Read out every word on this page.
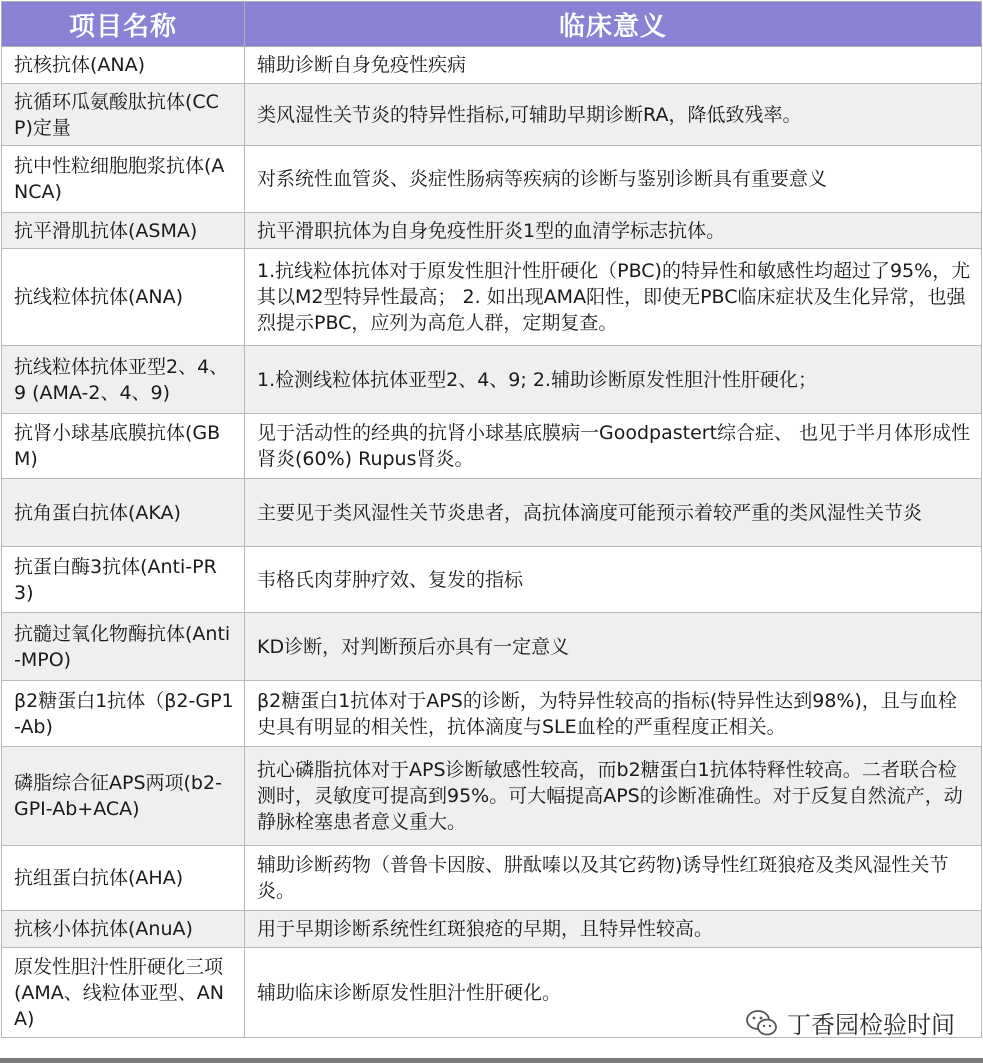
项目名称	临床意义
抗核抗体(ANA)	辅助诊断自身免疫性疾病
抗循环瓜氨酸肽抗体(CCP)定量	类风湿性关节炎的特异性指标,可辅助早期诊断RA，降低致残率。
抗中性粒细胞胞浆抗体(ANCA)	对系统性血管炎、炎症性肠病等疾病的诊断与鉴别诊断具有重要意义
抗平滑肌抗体(ASMA)	抗平滑职抗体为自身免疫性肝炎1型的血清学标志抗体。
抗线粒体抗体(ANA)	1.抗线粒体抗体对于原发性胆汁性肝硬化（PBC)的特异性和敏感性均超过了95%，尤其以M2型特异性最高； 2. 如出现AMA阳性，即使无PBC临床症状及生化异常，也强烈提示PBC，应列为高危人群，定期复查。
抗线粒体抗体亚型2、4、9 (AMA-2、4、9)	1.检测线粒体抗体亚型2、4、9; 2.辅助诊断原发性胆汁性肝硬化；
抗肾小球基底膜抗体(GBM)	见于活动性的经典的抗肾小球基底膜病一Goodpastert综合症、 也见于半月体形成性肾炎(60%) Rupus肾炎。
抗角蛋白抗体(AKA)	主要见于类风湿性关节炎患者，高抗体滴度可能预示着较严重的类风湿性关节炎
抗蛋白酶3抗体(Anti-PR3)	韦格氏肉芽肿疗效、复发的指标
抗髓过氧化物酶抗体(Anti-MPO)	KD诊断，对判断预后亦具有一定意义
β2糖蛋白1抗体（β2-GP1-Ab)	β2糖蛋白1抗体对于APS的诊断，为特异性较高的指标(特异性达到98%)，且与血栓史具有明显的相关性，抗体滴度与SLE血栓的严重程度正相关。
磷脂综合征APS两项(b2-GPI-Ab+ACA)	抗心磷脂抗体对于APS诊断敏感性较高，而b2糖蛋白1抗体特释性较高。二者联合检测时，灵敏度可提高到95%。可大幅提高APS的诊断准确性。对于反复自然流产，动静脉栓塞患者意义重大。
抗组蛋白抗体(AHA)	辅助诊断药物（普鲁卡因胺、肼酞嗪以及其它药物)诱导性红斑狼疮及类风湿性关节炎。
抗核小体抗体(AnuA)	用于早期诊断系统性红斑狼疮的早期，且特异性较高。
原发性胆汁性肝硬化三项(AMA、线粒体亚型、ANA)	辅助临床诊断原发性胆汁性肝硬化。
丁香园检验时间
